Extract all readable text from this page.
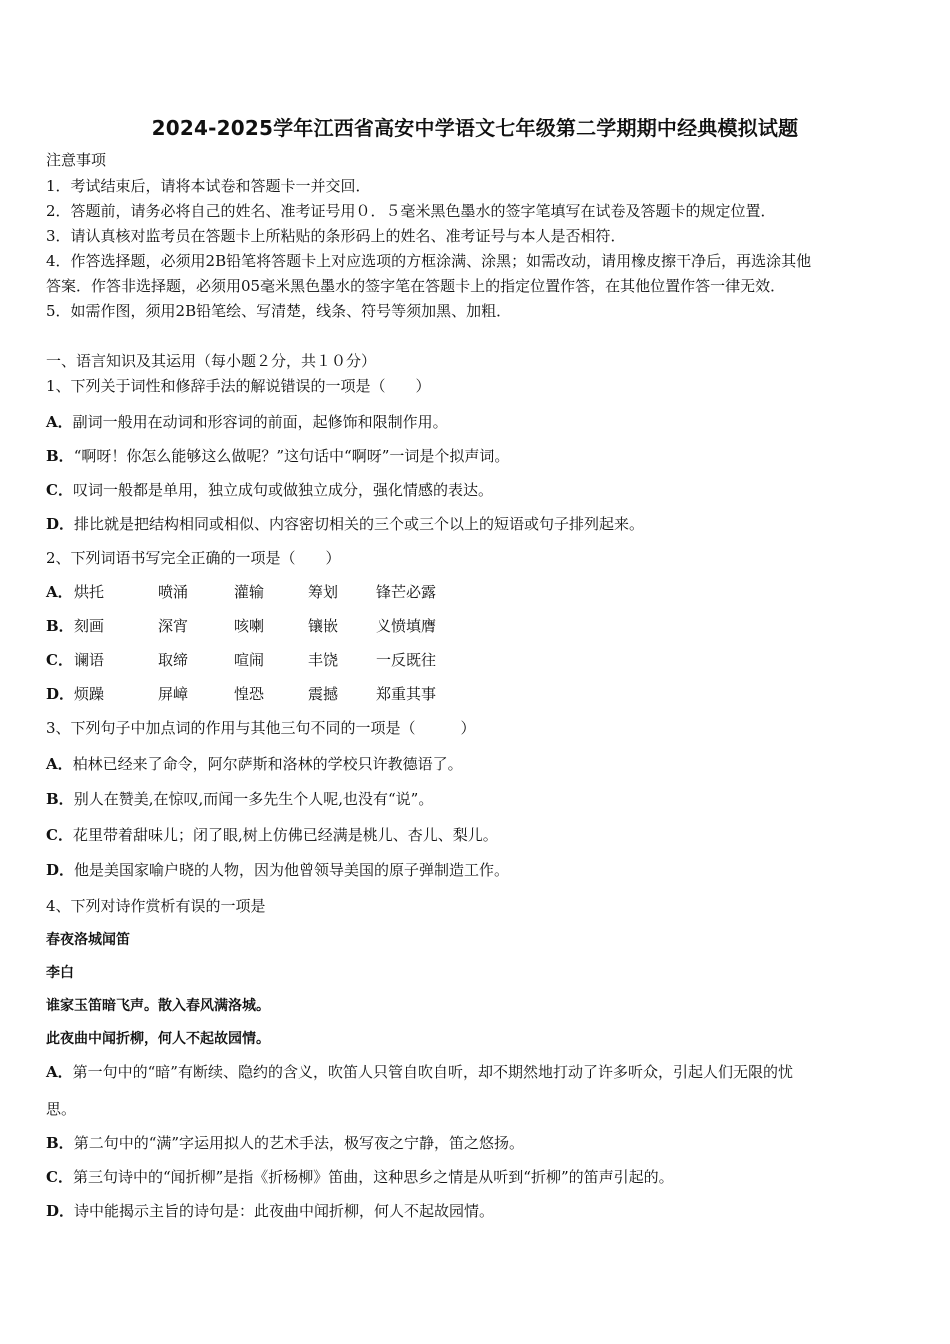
2024-2025学年江西省高安中学语文七年级第二学期期中经典模拟试题
注意事项
1．考试结束后，请将本试卷和答题卡一并交回．
2．答题前，请务必将自己的姓名、准考证号用０．５毫米黑色墨水的签字笔填写在试卷及答题卡的规定位置．
3．请认真核对监考员在答题卡上所粘贴的条形码上的姓名、准考证号与本人是否相符．
4．作答选择题，必须用2B铅笔将答题卡上对应选项的方框涂满、涂黑；如需改动，请用橡皮擦干净后，再选涂其他
答案．作答非选择题，必须用05毫米黑色墨水的签字笔在答题卡上的指定位置作答，在其他位置作答一律无效．
5．如需作图，须用2B铅笔绘、写清楚，线条、符号等须加黑、加粗．
一、语言知识及其运用（每小题２分，共１０分）
1、下列关于词性和修辞手法的解说错误的一项是（　　）
A．副词一般用在动词和形容词的前面，起修饰和限制作用。
B．“啊呀！你怎么能够这么做呢？”这句话中“啊呀”一词是个拟声词。
C．叹词一般都是单用，独立成句或做独立成分，强化情感的表达。
D．排比就是把结构相同或相似、内容密切相关的三个或三个以上的短语或句子排列起来。
2、下列词语书写完全正确的一项是（　　）
A． 烘托	喷涌	灌输	筹划	锋芒必露
B． 刻画	深宵	咳喇	镶嵌	义愤填膺
C． 谰语	取缔	喧闹	丰饶	一反既往
D． 烦躁	屏嶂	惶恐	震撼	郑重其事
3、下列句子中加点词的作用与其他三句不同的一项是（　　　）
A．柏林已经来了命令，阿尔萨斯和洛林的学校只许教德语了。
B．别人在赞美,在惊叹,而闻一多先生个人呢,也没有“说”。
C．花里带着甜味儿；闭了眼,树上仿佛已经满是桃儿、杏儿、梨儿。
D．他是美国家喻户晓的人物，因为他曾领导美国的原子弹制造工作。
4、下列对诗作赏析有误的一项是
春夜洛城闻笛
李白
谁家玉笛暗飞声。散入春风满洛城。
此夜曲中闻折柳，何人不起故园情。
A．第一句中的“暗”有断续、隐约的含义，吹笛人只管自吹自听，却不期然地打动了许多听众，引起人们无限的忧
思。
B．第二句中的“满”字运用拟人的艺术手法，极写夜之宁静，笛之悠扬。
C．第三句诗中的“闻折柳”是指《折杨柳》笛曲，这种思乡之情是从听到“折柳”的笛声引起的。
D．诗中能揭示主旨的诗句是：此夜曲中闻折柳，何人不起故园情。
